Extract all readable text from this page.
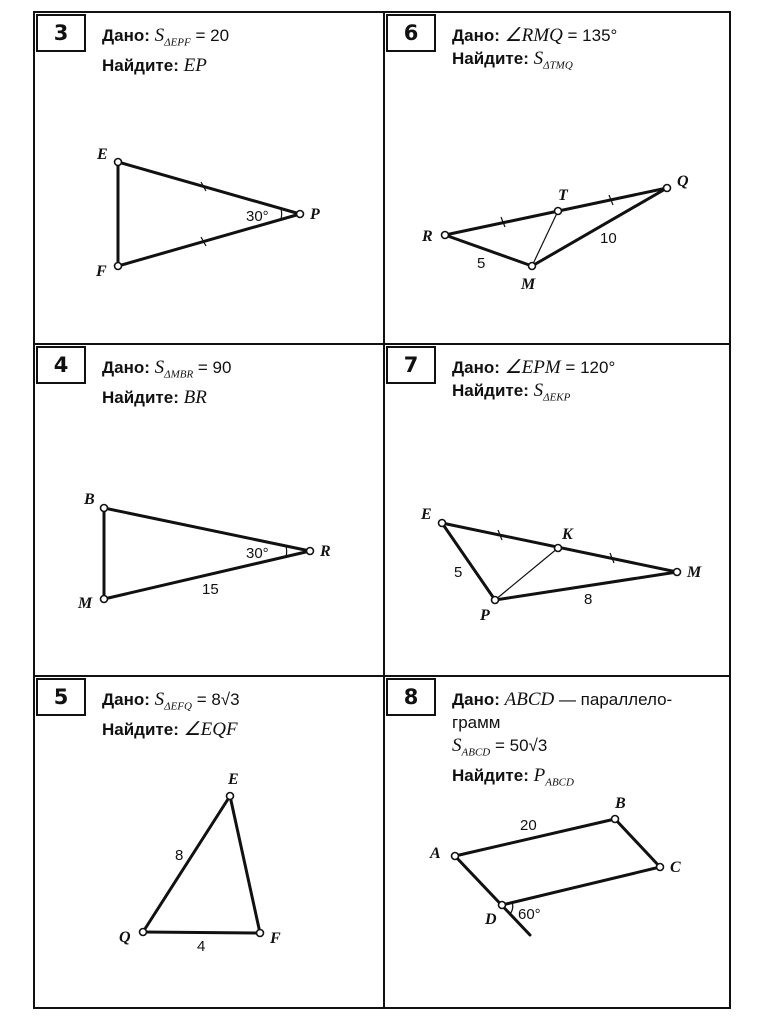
3	Дано: $S_{\Delta EPF} = 20$
Найдите: EP
E
F
P
30°
4	Дано: $S_{\Delta MBR} = 90$
Найдите: BR
B
M
R
30°
15
5	Дано: $S_{\Delta EFQ} = 8√3$
Найдите: ∠EQF
E
Q	F
8
4
6	Дано: ∠RMQ = 135°
Найдите: $S_{\Delta TMQ}$
R
T
Q
M
5
10
7	Дано: ∠EPM = 120°
Найдите: $S_{\Delta EKP}$
E
K
M
P
5
8
8	Дано: ABCD — параллело-
грамм
$S_{ABCD} = 50√3$
Найдите: $P_{ABCD}$
A
B
C
D
20
60°
